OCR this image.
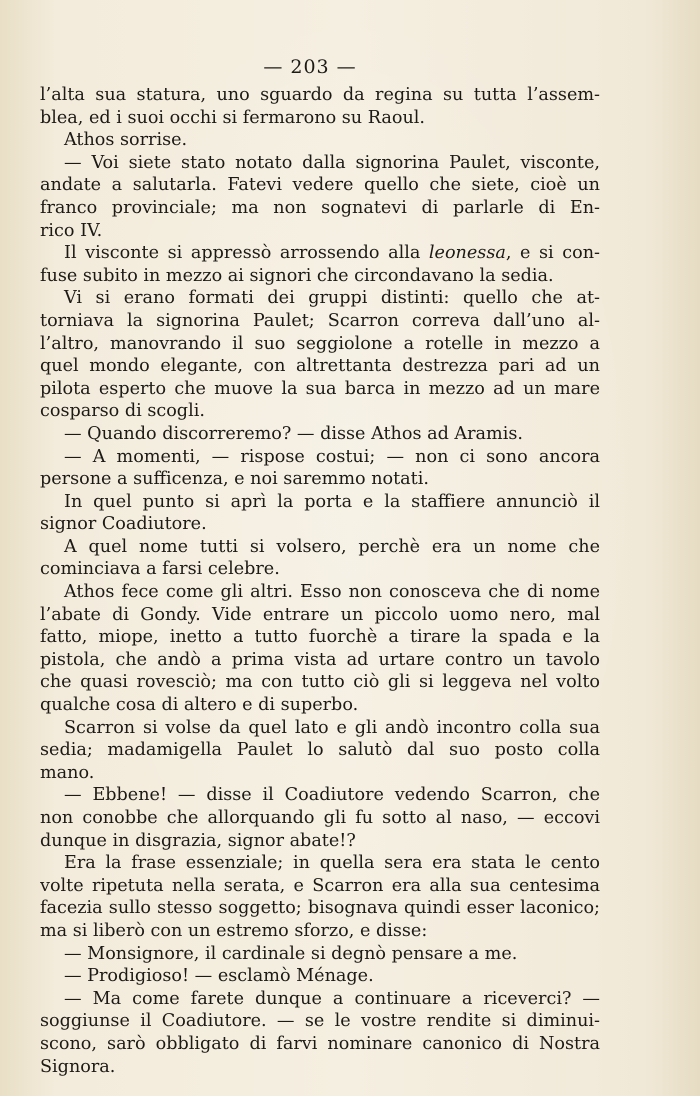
— 203 —
l’alta sua statura, uno sguardo da regina su tutta l’assem-
blea, ed i suoi occhi si fermarono su Raoul.
Athos sorrise.
— Voi siete stato notato dalla signorina Paulet, visconte,
andate a salutarla. Fatevi vedere quello che siete, cioè un
franco provinciale; ma non sognatevi di parlarle di En-
rico IV.
Il visconte si appressò arrossendo alla leonessa, e si con-
fuse subito in mezzo ai signori che circondavano la sedia.
Vi si erano formati dei gruppi distinti: quello che at-
torniava la signorina Paulet; Scarron correva dall’uno al-
l’altro, manovrando il suo seggiolone a rotelle in mezzo a
quel mondo elegante, con altrettanta destrezza pari ad un
pilota esperto che muove la sua barca in mezzo ad un mare
cosparso di scogli.
— Quando discorreremo? — disse Athos ad Aramis.
— A momenti, — rispose costui; — non ci sono ancora
persone a sufficenza, e noi saremmo notati.
In quel punto si aprì la porta e la staffiere annunciò il
signor Coadiutore.
A quel nome tutti si volsero, perchè era un nome che
cominciava a farsi celebre.
Athos fece come gli altri. Esso non conosceva che di nome
l’abate di Gondy. Vide entrare un piccolo uomo nero, mal
fatto, miope, inetto a tutto fuorchè a tirare la spada e la
pistola, che andò a prima vista ad urtare contro un tavolo
che quasi rovesciò; ma con tutto ciò gli si leggeva nel volto
qualche cosa di altero e di superbo.
Scarron si volse da quel lato e gli andò incontro colla sua
sedia; madamigella Paulet lo salutò dal suo posto colla
mano.
— Ebbene! — disse il Coadiutore vedendo Scarron, che
non conobbe che allorquando gli fu sotto al naso, — eccovi
dunque in disgrazia, signor abate!?
Era la frase essenziale; in quella sera era stata le cento
volte ripetuta nella serata, e Scarron era alla sua centesima
facezia sullo stesso soggetto; bisognava quindi esser laconico;
ma si liberò con un estremo sforzo, e disse:
— Monsignore, il cardinale si degnò pensare a me.
— Prodigioso! — esclamò Ménage.
— Ma come farete dunque a continuare a riceverci? —
soggiunse il Coadiutore. — se le vostre rendite si diminui-
scono, sarò obbligato di farvi nominare canonico di Nostra
Signora.
